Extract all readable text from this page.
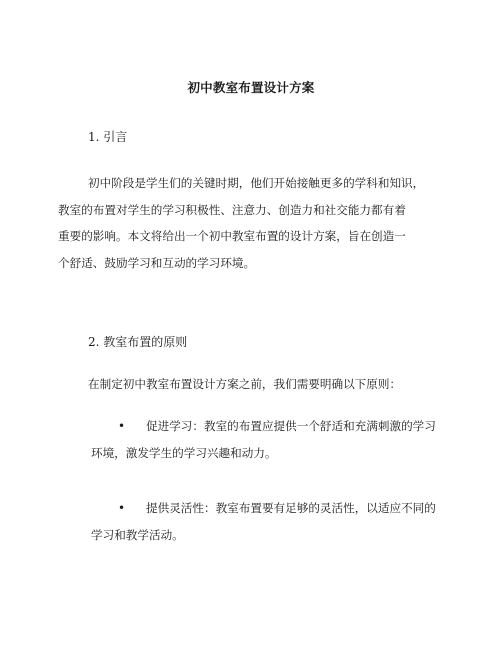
初中教室布置设计方案
1. 引言
初中阶段是学生们的关键时期，他们开始接触更多的学科和知识，
教室的布置对学生的学习积极性、注意力、创造力和社交能力都有着
重要的影响。本文将给出一个初中教室布置的设计方案，旨在创造一
个舒适、鼓励学习和互动的学习环境。
2. 教室布置的原则
在制定初中教室布置设计方案之前，我们需要明确以下原则：
•	促进学习：教室的布置应提供一个舒适和充满刺激的学习
环境，激发学生的学习兴趣和动力。
•	提供灵活性：教室布置要有足够的灵活性，以适应不同的
学习和教学活动。
